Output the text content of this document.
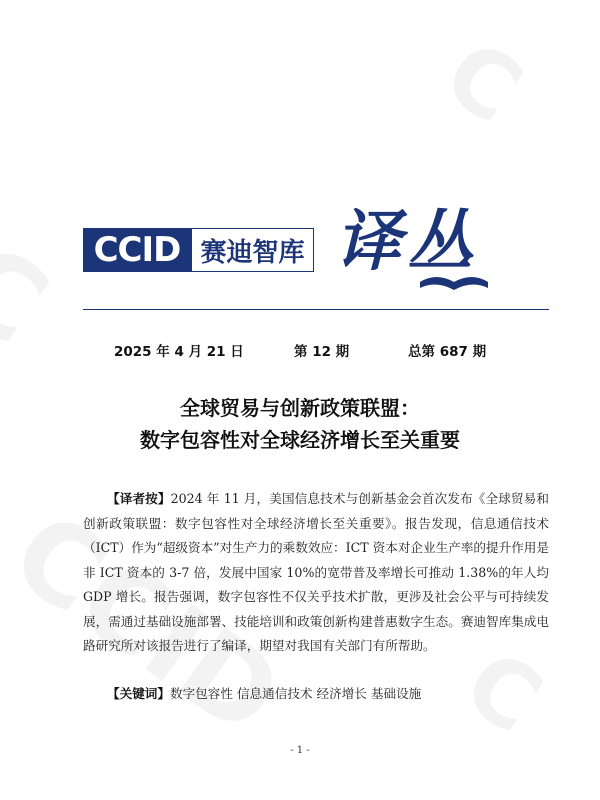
CCID 赛迪智库 译丛
2025 年 4 月 21 日	第 12 期	总第 687 期
全球贸易与创新政策联盟：
数字包容性对全球经济增长至关重要
【译者按】2024 年 11 月，美国信息技术与创新基金会首次发布《全球贸易和创新政策联盟：数字包容性对全球经济增长至关重要》。报告发现，信息通信技术（ICT）作为“超级资本”对生产力的乘数效应：ICT 资本对企业生产率的提升作用是非 ICT 资本的 3-7 倍，发展中国家 10%的宽带普及率增长可推动 1.38%的年人均 GDP 增长。报告强调，数字包容性不仅关乎技术扩散，更涉及社会公平与可持续发展，需通过基础设施部署、技能培训和政策创新构建普惠数字生态。赛迪智库集成电路研究所对该报告进行了编译，期望对我国有关部门有所帮助。
【关键词】数字包容性 信息通信技术 经济增长 基础设施
- 1 -
